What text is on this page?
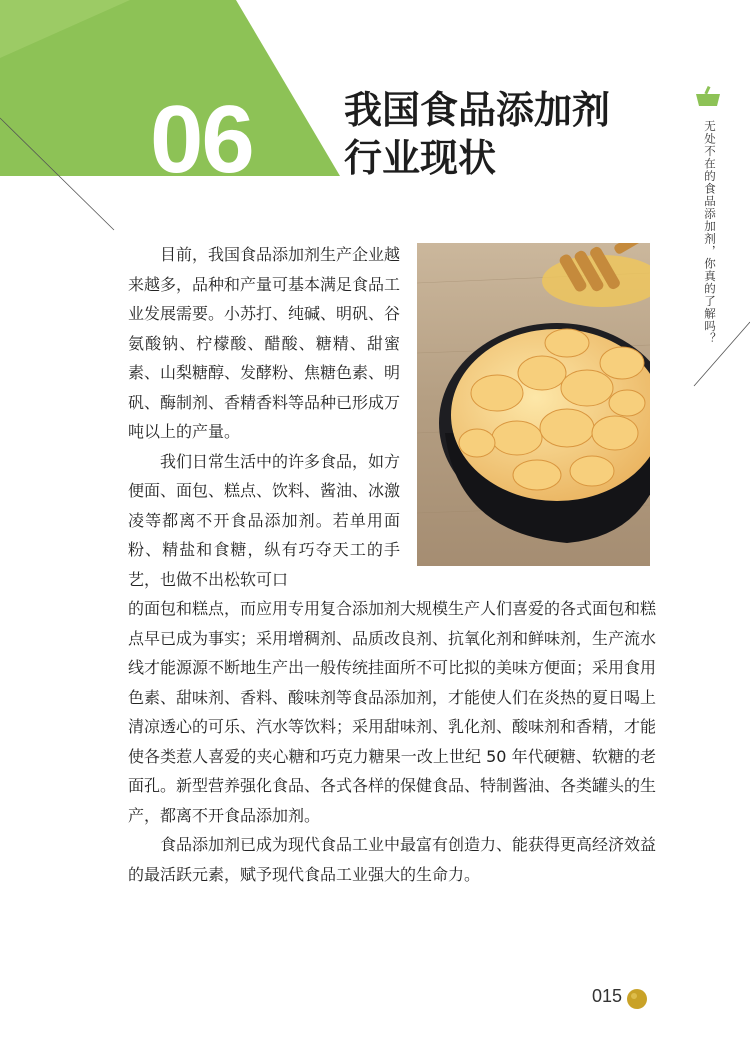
06 我国食品添加剂
行业现状	无处不在的食品添加剂，你真的了解吗？

目前，我国食品添加剂生产企业越来越多，品种和产量可基本满足食品工业发展需要。小苏打、纯碱、明矾、谷氨酸钠、柠檬酸、醋酸、糖精、甜蜜素、山梨糖醇、发酵粉、焦糖色素、明矾、酶制剂、香精香料等品种已形成万吨以上的产量。

我们日常生活中的许多食品，如方便面、面包、糕点、饮料、酱油、冰激凌等都离不开食品添加剂。若单用面粉、精盐和食糖，纵有巧夺天工的手艺，也做不出松软可口

的面包和糕点，而应用专用复合添加剂大规模生产人们喜爱的各式面包和糕点早已成为事实；采用增稠剂、品质改良剂、抗氧化剂和鲜味剂，生产流水线才能源源不断地生产出一般传统挂面所不可比拟的美味方便面；采用食用色素、甜味剂、香料、酸味剂等食品添加剂，才能使人们在炎热的夏日喝上清凉透心的可乐、汽水等饮料；采用甜味剂、乳化剂、酸味剂和香精，才能使各类惹人喜爱的夹心糖和巧克力糖果一改上世纪 50 年代硬糖、软糖的老面孔。新型营养强化食品、各式各样的保健食品、特制酱油、各类罐头的生产，都离不开食品添加剂。

食品添加剂已成为现代食品工业中最富有创造力、能获得更高经济效益的最活跃元素，赋予现代食品工业强大的生命力。

015
